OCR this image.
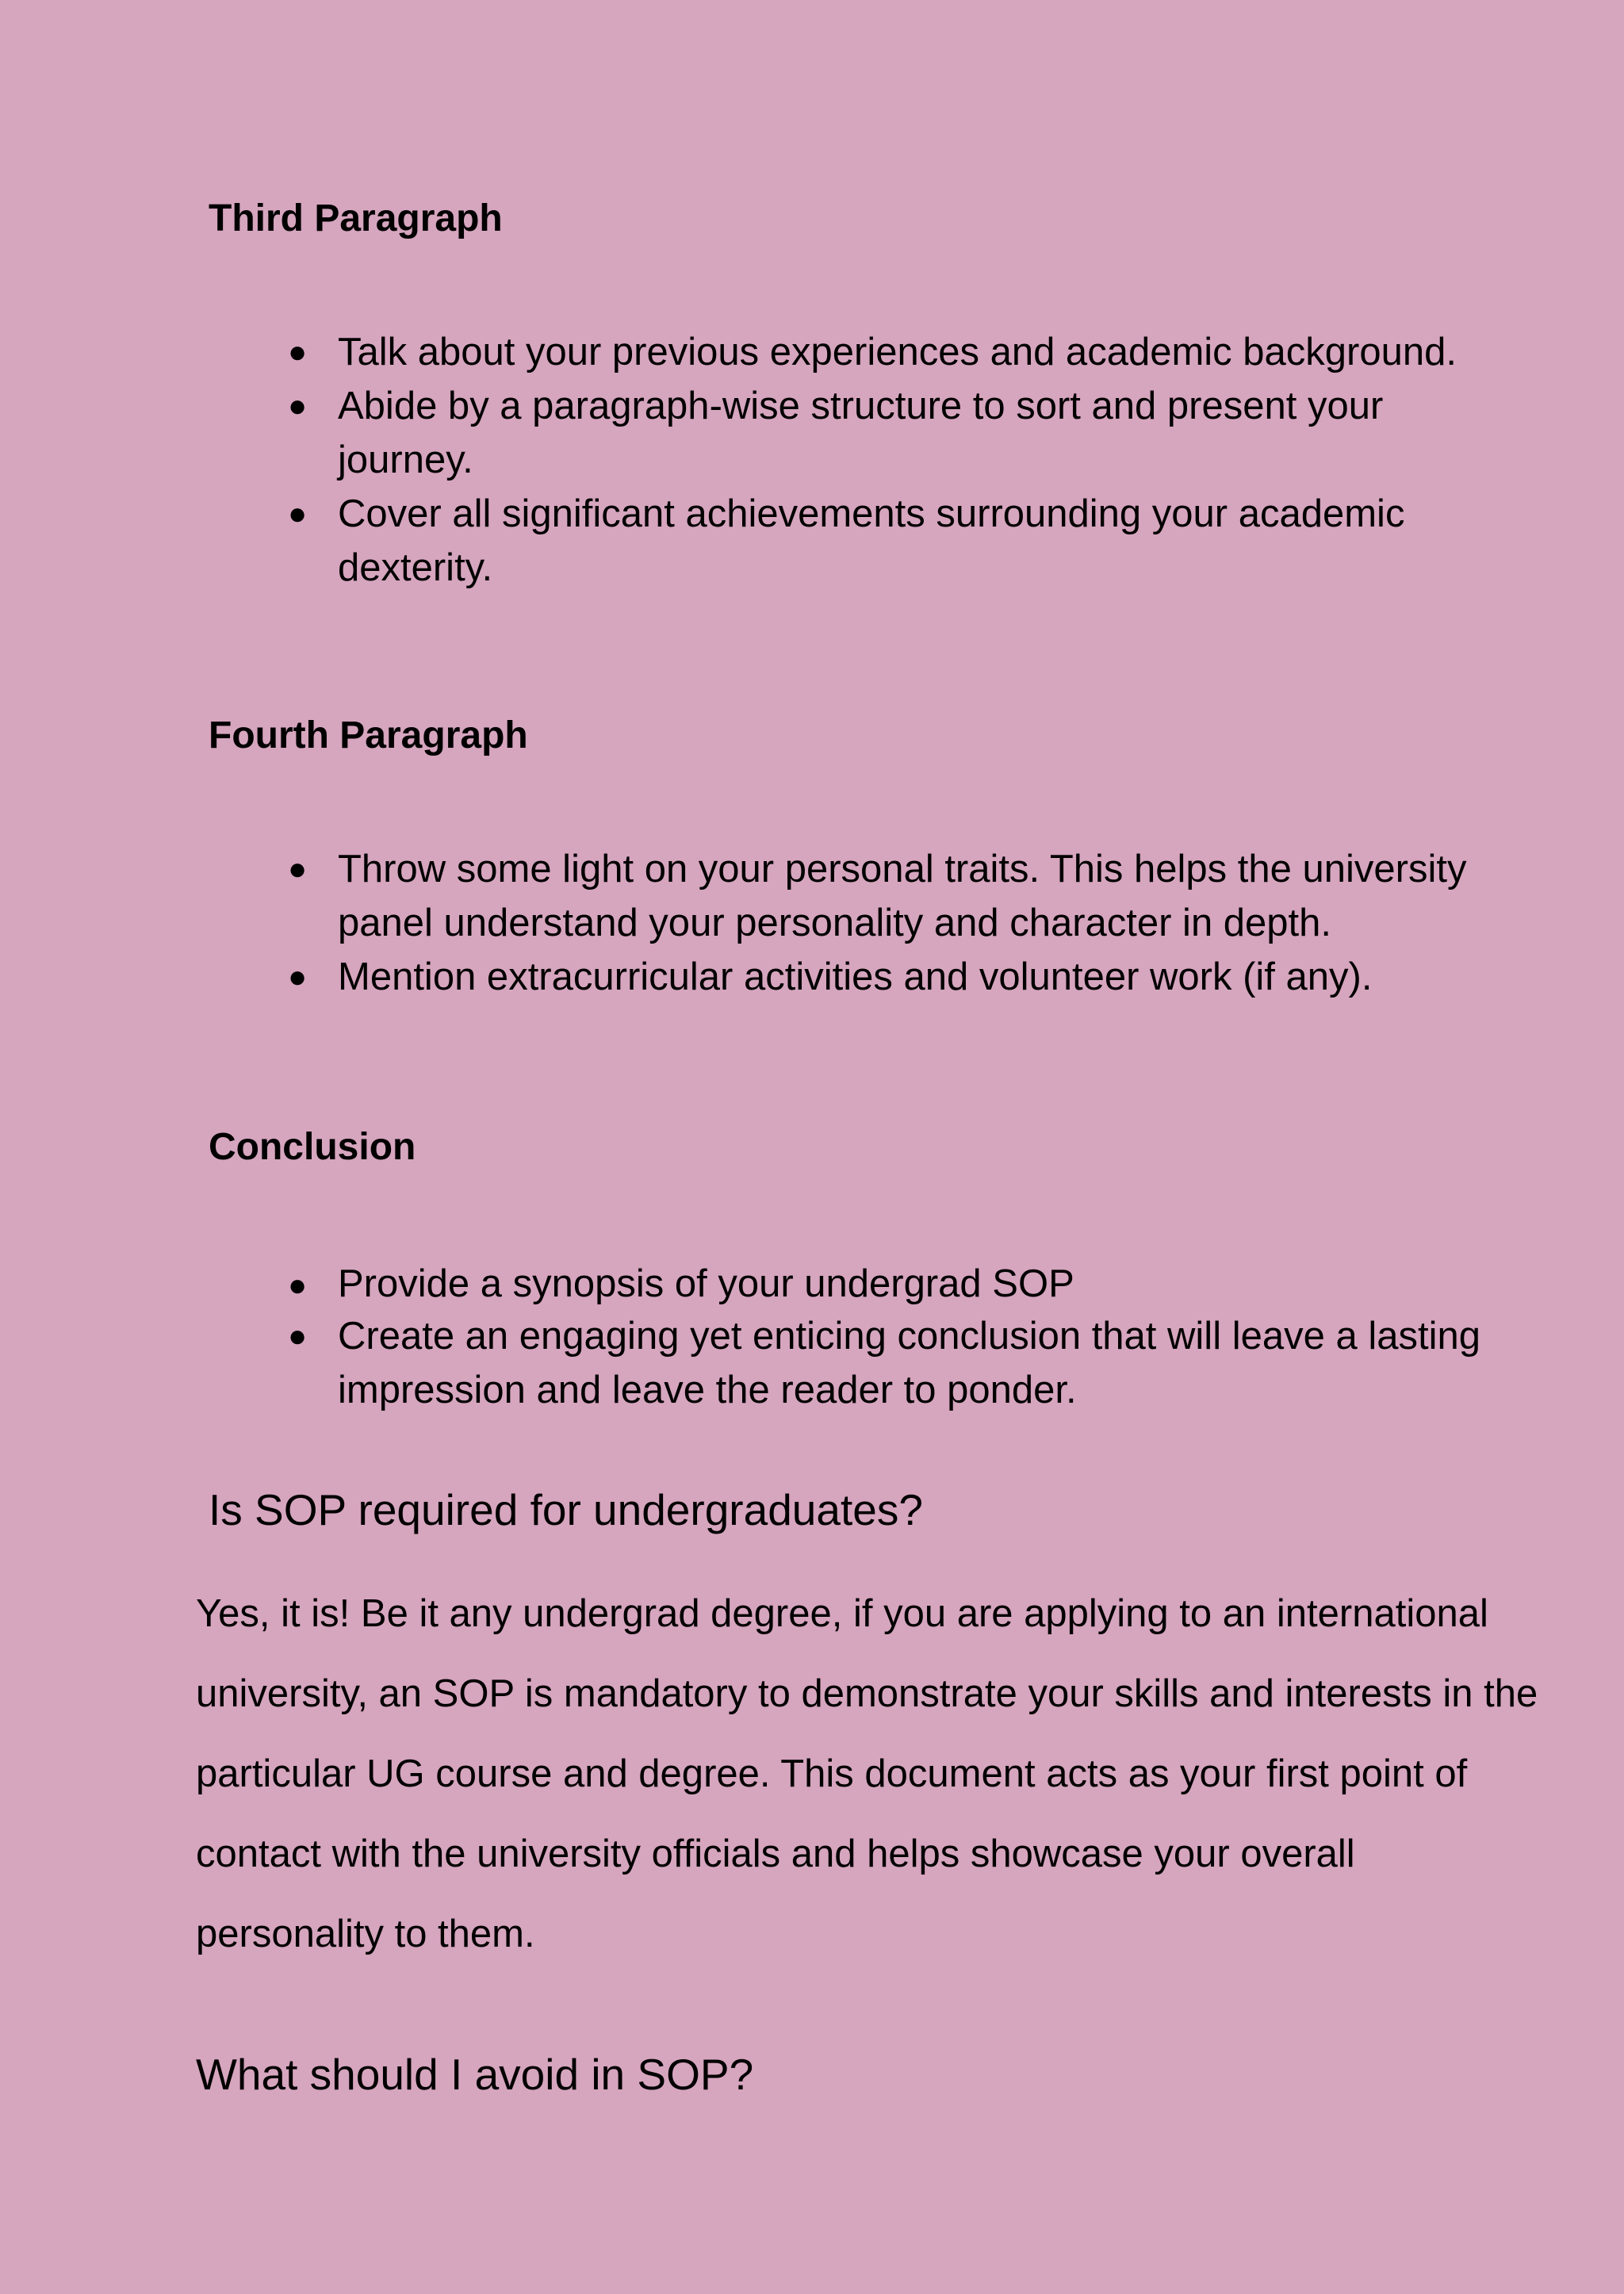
Third Paragraph
● Talk about your previous experiences and academic background.
● Abide by a paragraph-wise structure to sort and present your journey.
● Cover all significant achievements surrounding your academic dexterity.
Fourth Paragraph
● Throw some light on your personal traits. This helps the university panel understand your personality and character in depth.
● Mention extracurricular activities and volunteer work (if any).
Conclusion
● Provide a synopsis of your undergrad SOP
● Create an engaging yet enticing conclusion that will leave a lasting impression and leave the reader to ponder.
Is SOP required for undergraduates?

Yes, it is! Be it any undergrad degree, if you are applying to an international university, an SOP is mandatory to demonstrate your skills and interests in the particular UG course and degree. This document acts as your first point of contact with the university officials and helps showcase your overall personality to them.

What should I avoid in SOP?
